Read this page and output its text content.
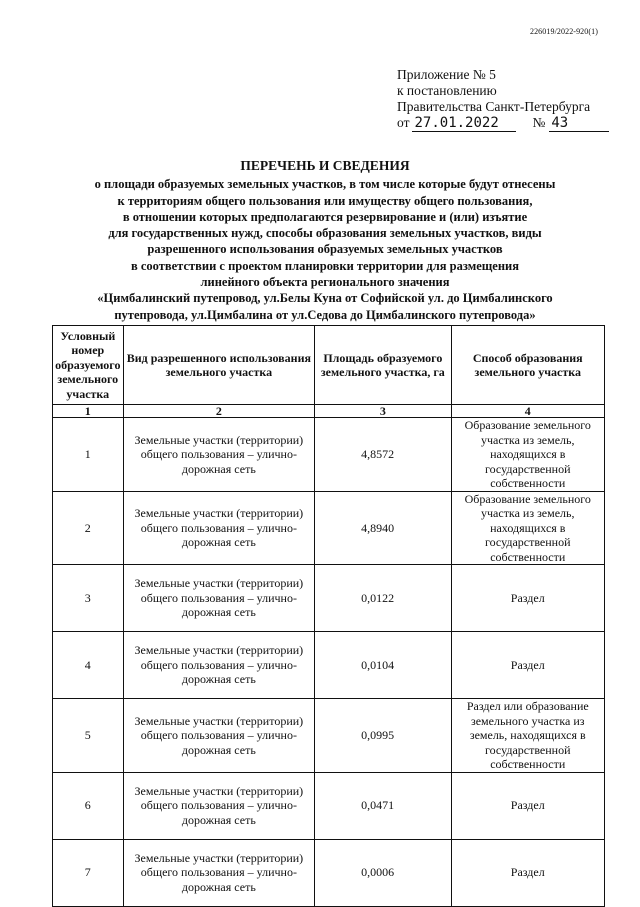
226019/2022-920(1)
Приложение № 5
к постановлению
Правительства Санкт-Петербурга
от 27.01.2022	№ 43
ПЕРЕЧЕНЬ И СВЕДЕНИЯ
о площади образуемых земельных участков, в том числе которые будут отнесены
к территориям общего пользования или имуществу общего пользования,
в отношении которых предполагаются резервирование и (или) изъятие
для государственных нужд, способы образования земельных участков, виды
разрешенного использования образуемых земельных участков
в соответствии с проектом планировки территории для размещения
линейного объекта регионального значения
«Цимбалинский путепровод, ул.Белы Куна от Софийской ул. до Цимбалинского
путепровода, ул.Цимбалина от ул.Седова до Цимбалинского путепровода»
Условный номер образуемого земельного участка	Вид разрешенного использования земельного участка	Площадь образуемого земельного участка, га	Способ образования земельного участка
1	2	3	4
1	Земельные участки (территории) общего пользования – улично-дорожная сеть	4,8572	Образование земельного участка из земель, находящихся в государственной собственности
2	Земельные участки (территории) общего пользования – улично-дорожная сеть	4,8940	Образование земельного участка из земель, находящихся в государственной собственности
3	Земельные участки (территории) общего пользования – улично-дорожная сеть	0,0122	Раздел
4	Земельные участки (территории) общего пользования – улично-дорожная сеть	0,0104	Раздел
5	Земельные участки (территории) общего пользования – улично-дорожная сеть	0,0995	Раздел или образование земельного участка из земель, находящихся в государственной собственности
6	Земельные участки (территории) общего пользования – улично-дорожная сеть	0,0471	Раздел
7	Земельные участки (территории) общего пользования – улично-дорожная сеть	0,0006	Раздел
